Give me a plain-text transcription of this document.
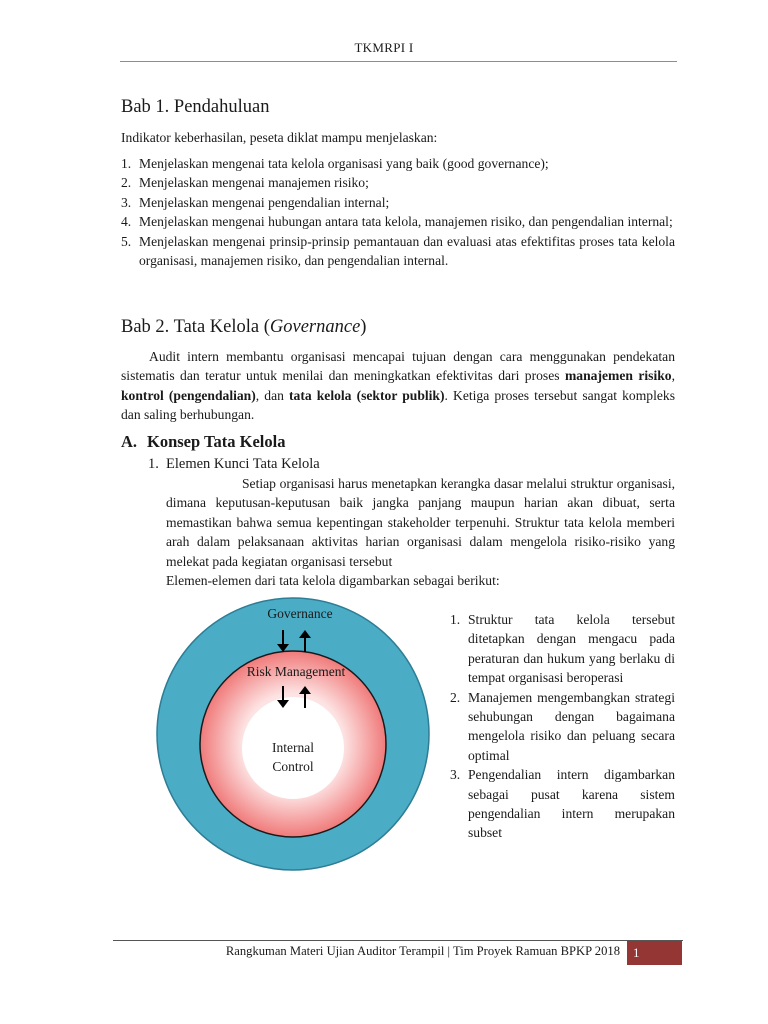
TKMRPI I
Bab 1. Pendahuluan
Indikator keberhasilan, peseta diklat mampu menjelaskan:
1. Menjelaskan mengenai tata kelola organisasi yang baik (good governance);
2. Menjelaskan mengenai manajemen risiko;
3. Menjelaskan mengenai pengendalian internal;
4. Menjelaskan mengenai hubungan antara tata kelola, manajemen risiko, dan pengendalian internal;
5. Menjelaskan mengenai prinsip-prinsip pemantauan dan evaluasi atas efektifitas proses tata kelola organisasi, manajemen risiko, dan pengendalian internal.
Bab 2. Tata Kelola (Governance)

Audit intern membantu organisasi mencapai tujuan dengan cara menggunakan pendekatan sistematis dan teratur untuk menilai dan meningkatkan efektivitas dari proses manajemen risiko, kontrol (pengendalian), dan tata kelola (sektor publik). Ketiga proses tersebut sangat kompleks dan saling berhubungan.

A. Konsep Tata Kelola
1. Elemen Kunci Tata Kelola

Setiap organisasi harus menetapkan kerangka dasar melalui struktur organisasi, dimana keputusan-keputusan baik jangka panjang maupun harian akan dibuat, serta memastikan bahwa semua kepentingan stakeholder terpenuhi. Struktur tata kelola memberi arah dalam pelaksanaan aktivitas harian organisasi dalam mengelola risiko-risiko yang melekat pada kegiatan organisasi tersebut

Elemen-elemen dari tata kelola digambarkan sebagai berikut:
Governance
Risk Management
Internal
Control
1. Struktur tata kelola tersebut ditetapkan dengan mengacu pada peraturan dan hukum yang berlaku di tempat organisasi beroperasi
2. Manajemen mengembangkan strategi sehubungan dengan bagaimana mengelola risiko dan peluang secara optimal
3. Pengendalian intern digambarkan sebagai pusat karena sistem pengendalian intern merupakan subset
Rangkuman Materi Ujian Auditor Terampil | Tim Proyek Ramuan BPKP 2018	1
